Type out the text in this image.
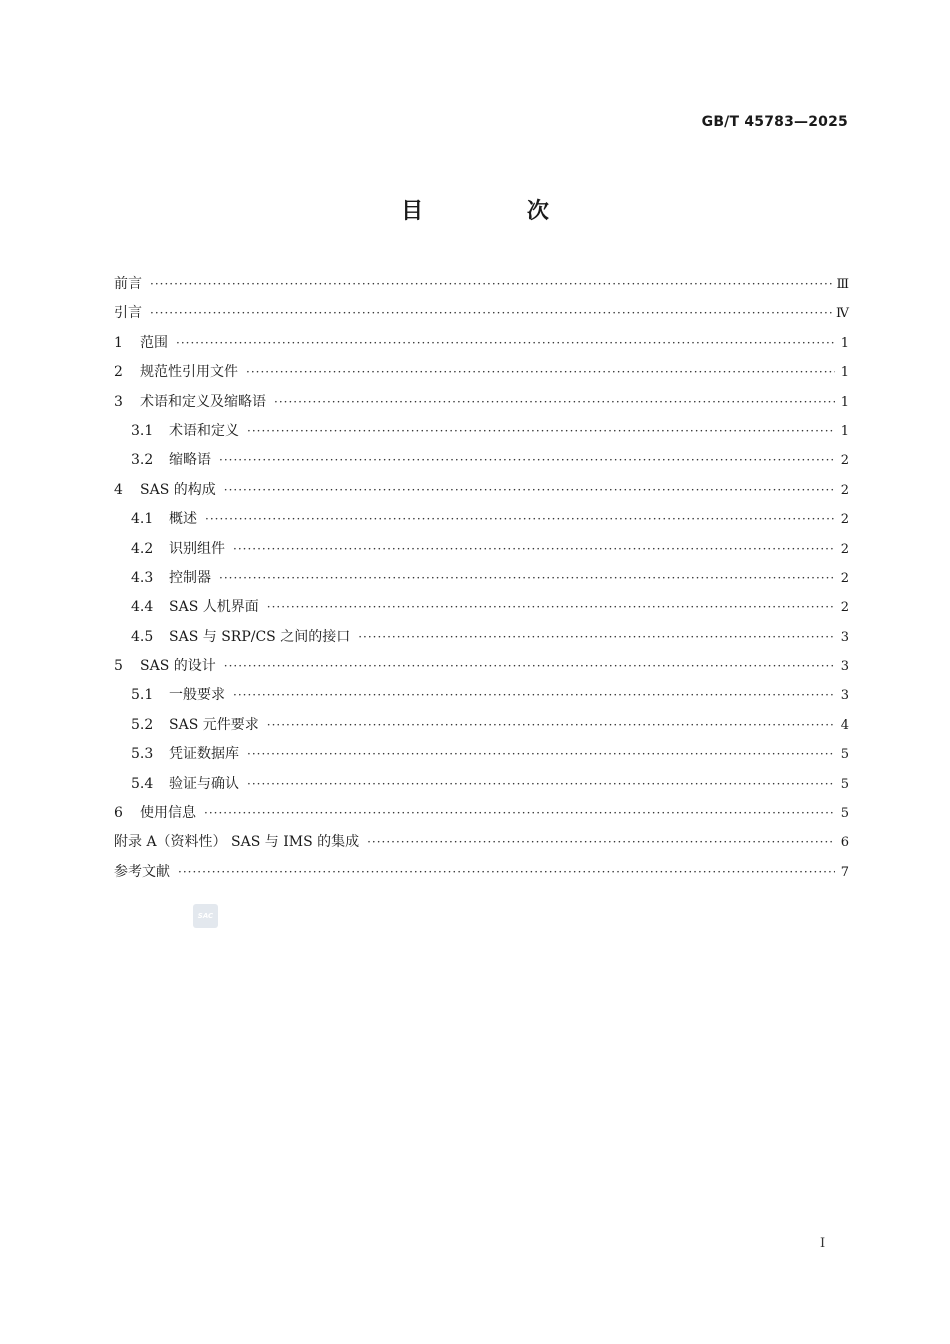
GB/T 45783—2025
目 次
前言 ·····	Ⅲ
引言 ·····	Ⅳ
1	范围 ·····	1
2	规范性引用文件 ·····	1
3	术语和定义及缩略语 ·····	1
3.1	术语和定义 ·····	1
3.2	缩略语 ·····	2
4	SAS 的构成 ·····	2
4.1	概述 ·····	2
4.2	识别组件 ·····	2
4.3	控制器 ·····	2
4.4	SAS 人机界面 ·····	2
4.5	SAS 与 SRP/CS 之间的接口 ·····	3
5	SAS 的设计 ·····	3
5.1	一般要求 ·····	3
5.2	SAS 元件要求 ·····	4
5.3	凭证数据库 ·····	5
5.4	验证与确认 ·····	5
6	使用信息 ·····	5
附录 A（资料性） SAS 与 IMS 的集成 ·····	6
参考文献 ·····	7
SAC
I
